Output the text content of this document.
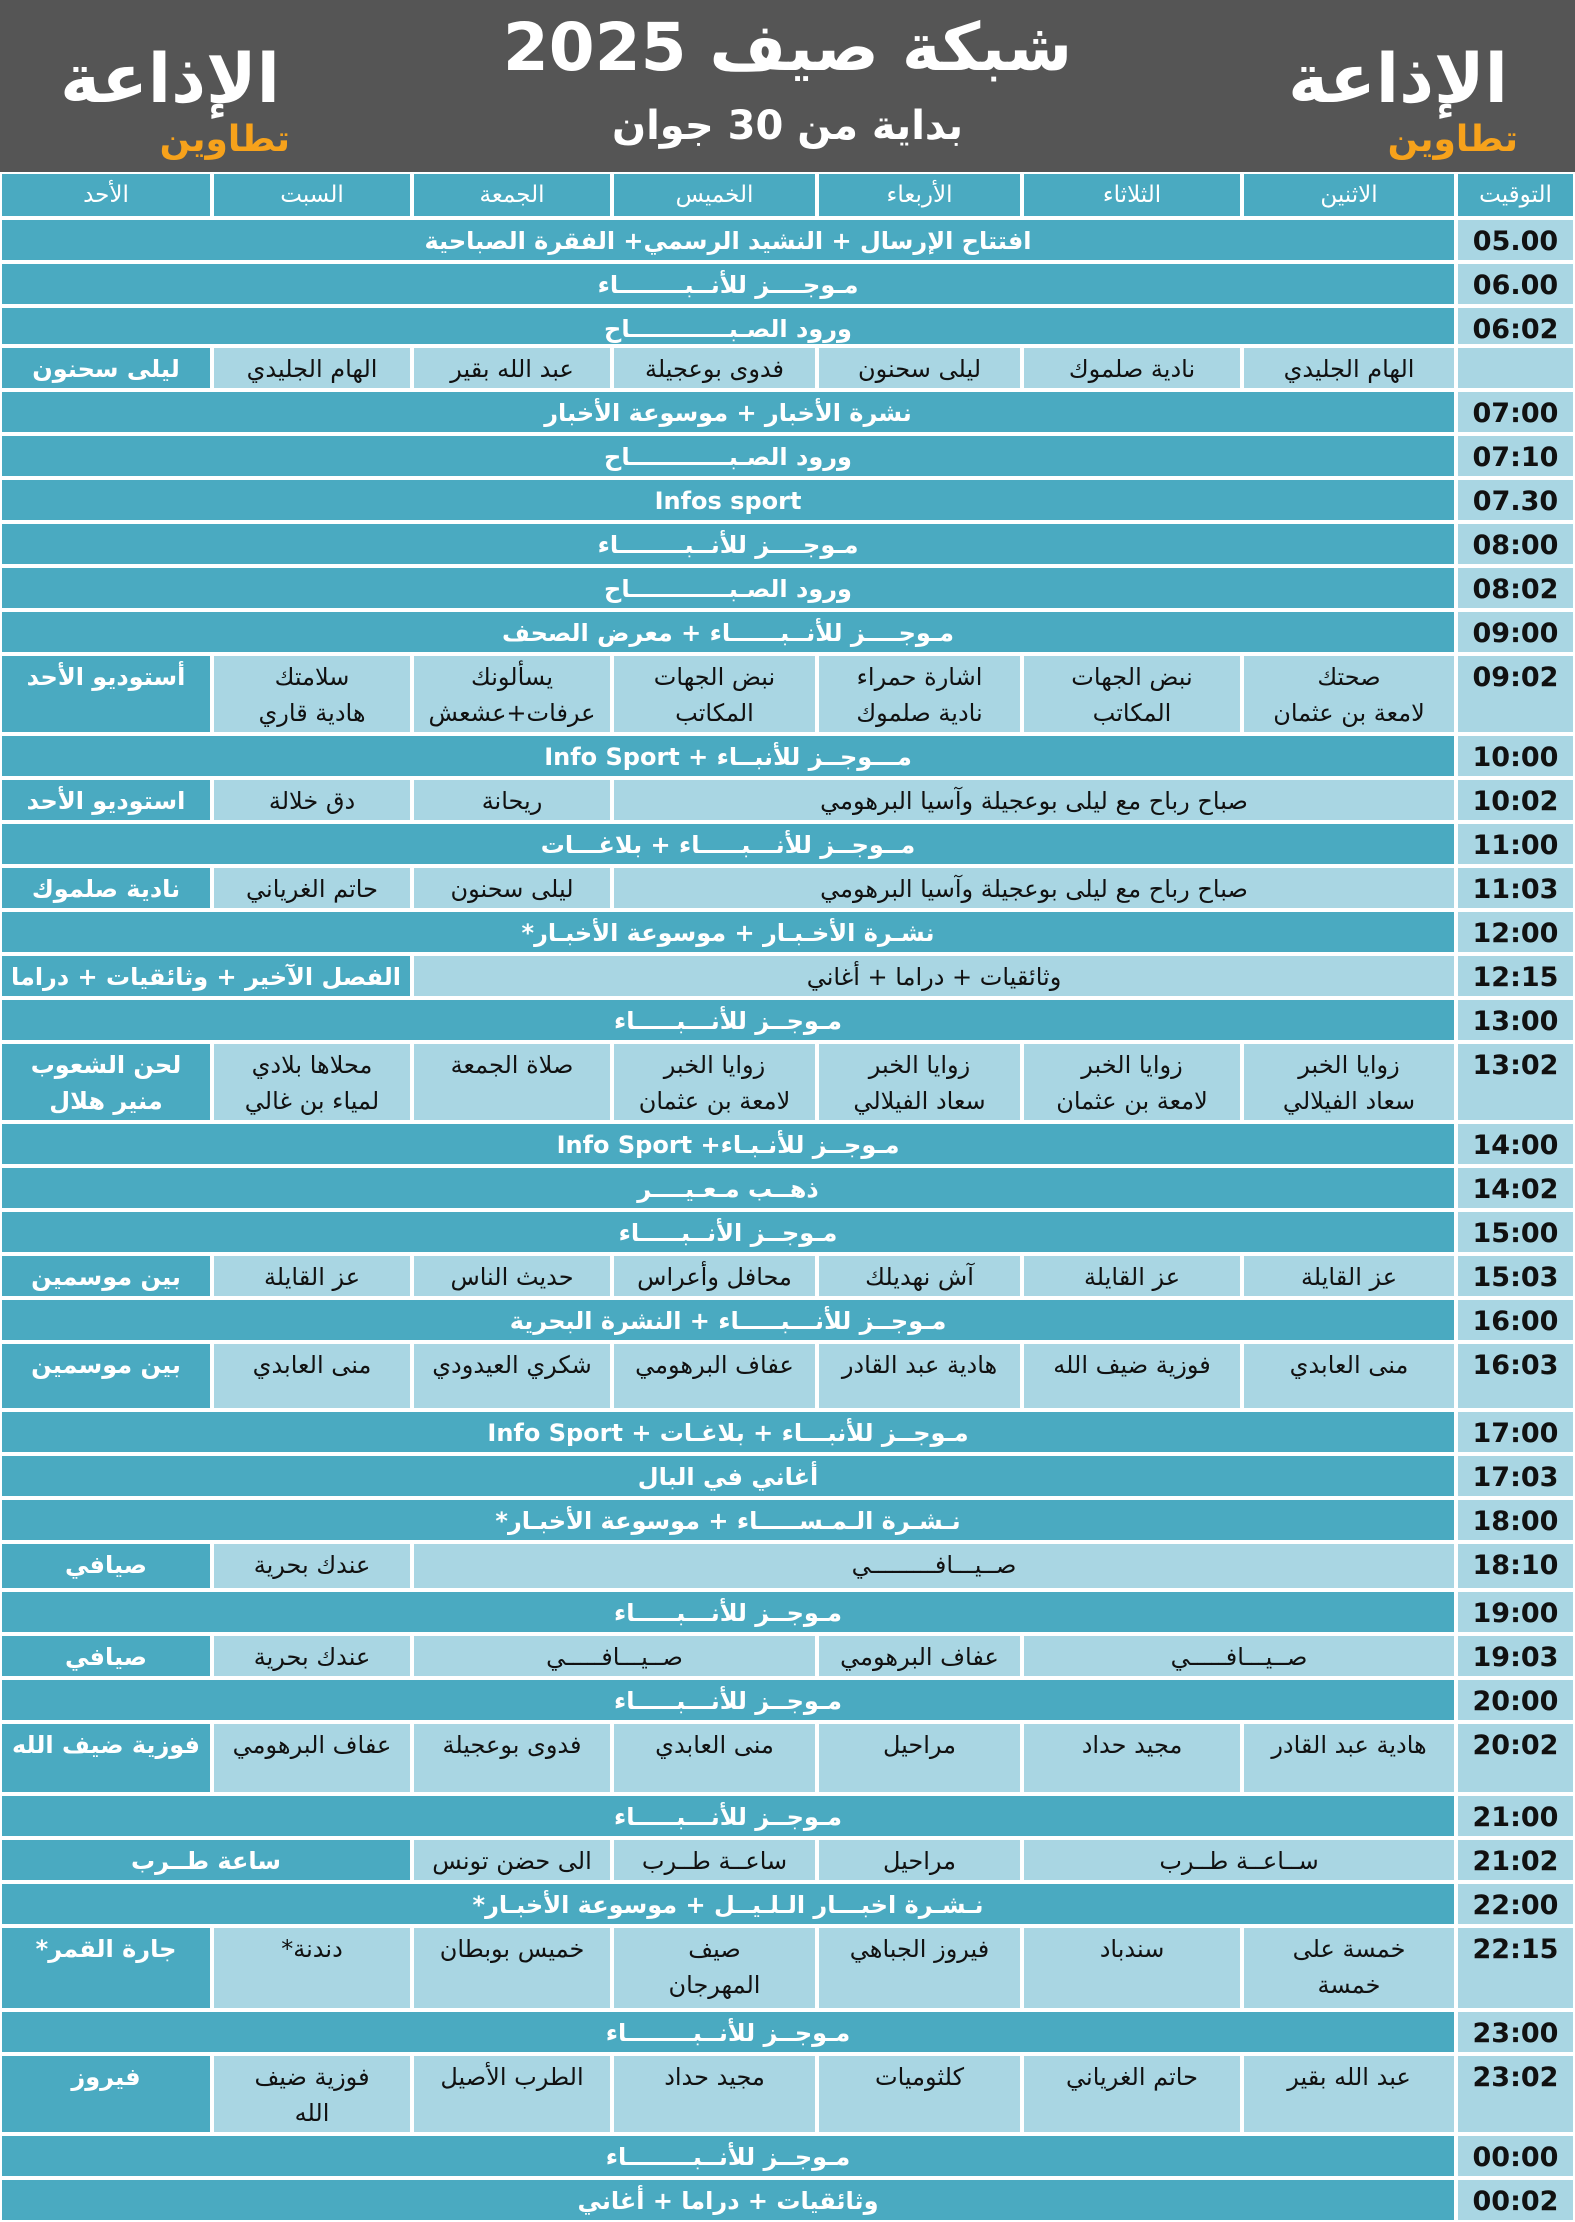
الإذاعة
تطاوين
شبكة صيف 2025
بداية من 30 جوان
الإذاعة
تطاوين
التوقيت
الاثنين
الثلاثاء
الأربعاء
الخميس
الجمعة
السبت
الأحد
05.00
افتتاح الإرسال + النشيد الرسمي+ الفقرة الصباحية
06.00
مـوجــــز للأنــبــــــــاء
06:02
ورود الصـبــــــــــــاح
الهام الجليدي
نادية صلموك
ليلى سحنون
فدوى بوعجيلة
عبد الله بقير
الهام الجليدي
ليلى سحنون
07:00
نشرة الأخبار + موسوعة الأخبار
07:10
ورود الصـبــــــــــــاح
07.30
Infos sport
08:00
مـوجــــز للأنــبــــــــاء
08:02
ورود الصـبــــــــــــاح
09:00
مـوجــــز للأنــبــــــاء + معرض الصحف
09:02
صحتك
لامعة بن عثمان
نبض الجهات
المكاتب
اشارة حمراء
نادية صلموك
نبض الجهات
المكاتب
يسألونك
عرفات+عشعش
سلامتك
هادية قاري
أستوديو الأحد
10:00
مـــوجــز للأنبــاء + Info Sport
10:02
صباح رباح مع ليلى بوعجيلة وآسيا البرهومي
ريحانة
دق خلالة
استوديو الأحد
11:00
مــوجــز للأنـــبـــــاء + بلاغـــات
11:03
صباح رباح مع ليلى بوعجيلة وآسيا البرهومي
ليلى سحنون
حاتم الغرياني
نادية صلموك
12:00
نشـرة الأخـبـار + موسوعة الأخبـار*
12:15
وثائقيات + دراما + أغاني
الفصل الآخير + وثائقيات + دراما
13:00
مـوجــز للأنـــبـــــاء
13:02
زوايا الخبر
سعاد الفيلالي
زوايا الخبر
لامعة بن عثمان
زوايا الخبر
سعاد الفيلالي
زوايا الخبر
لامعة بن عثمان
صلاة الجمعة
محلاها بلادي
لمياء بن غالي
لحن الشعوب
منير هلال
14:00
مـوجــز للأنـبـاء+ Info Sport
14:02
ذهــب مـعـيــــر
15:00
مـوجــز الأنــبـــــاء
15:03
عز القايلة
عز القايلة
آش نهديلك
محافل وأعراس
حديث الناس
عز القايلة
بين موسمين
16:00
مـوجــز للأنـــبـــــاء + النشرة البحرية
16:03
منى العابدي
فوزية ضيف الله
هادية عبد القادر
عفاف البرهومي
شكري العيدودي
منى العابدي
بين موسمين
17:00
مـوجــز للأنبـــاء + بلاغـات + Info Sport
17:03
أغاني في البال
18:00
نـشـرة الـمـســـــاء + موسوعة الأخبـار*
18:10
صــيـــافـــــــــي
عندك بحرية
صيافي
19:00
مـوجــز للأنـــبـــــاء
19:03
صــيـــافـــــي
عفاف البرهومي
صــيـــافـــــي
عندك بحرية
صيافي
20:00
مـوجــز للأنـــبـــــاء
20:02
هادية عبد القادر
مجيد حداد
مراحيل
منى العابدي
فدوى بوعجيلة
عفاف البرهومي
فوزية ضيف الله
21:00
مـوجــز للأنـــبـــــاء
21:02
ســاعــة طــرب
مراحيل
ساعــة طــرب
الى حضن تونس
ساعة طــرب
22:00
نـشـرة اخبـــار الـلـيــل + موسوعة الأخبـار*
22:15
خمسة على
خمسة
سندباد
فيروز الجباهي
صيف
المهرجان
خميس بوبطان
دندنة*
جارة القمر*
23:00
مـوجــز للأنــبــــــــاء
23:02
عبد الله بقير
حاتم الغرياني
كلثوميات
مجيد حداد
الطرب الأصيل
فوزية ضيف
الله
فيروز
00:00
مـوجــز للأنــبــــــــاء
00:02
وثائقيات + دراما + أغاني
